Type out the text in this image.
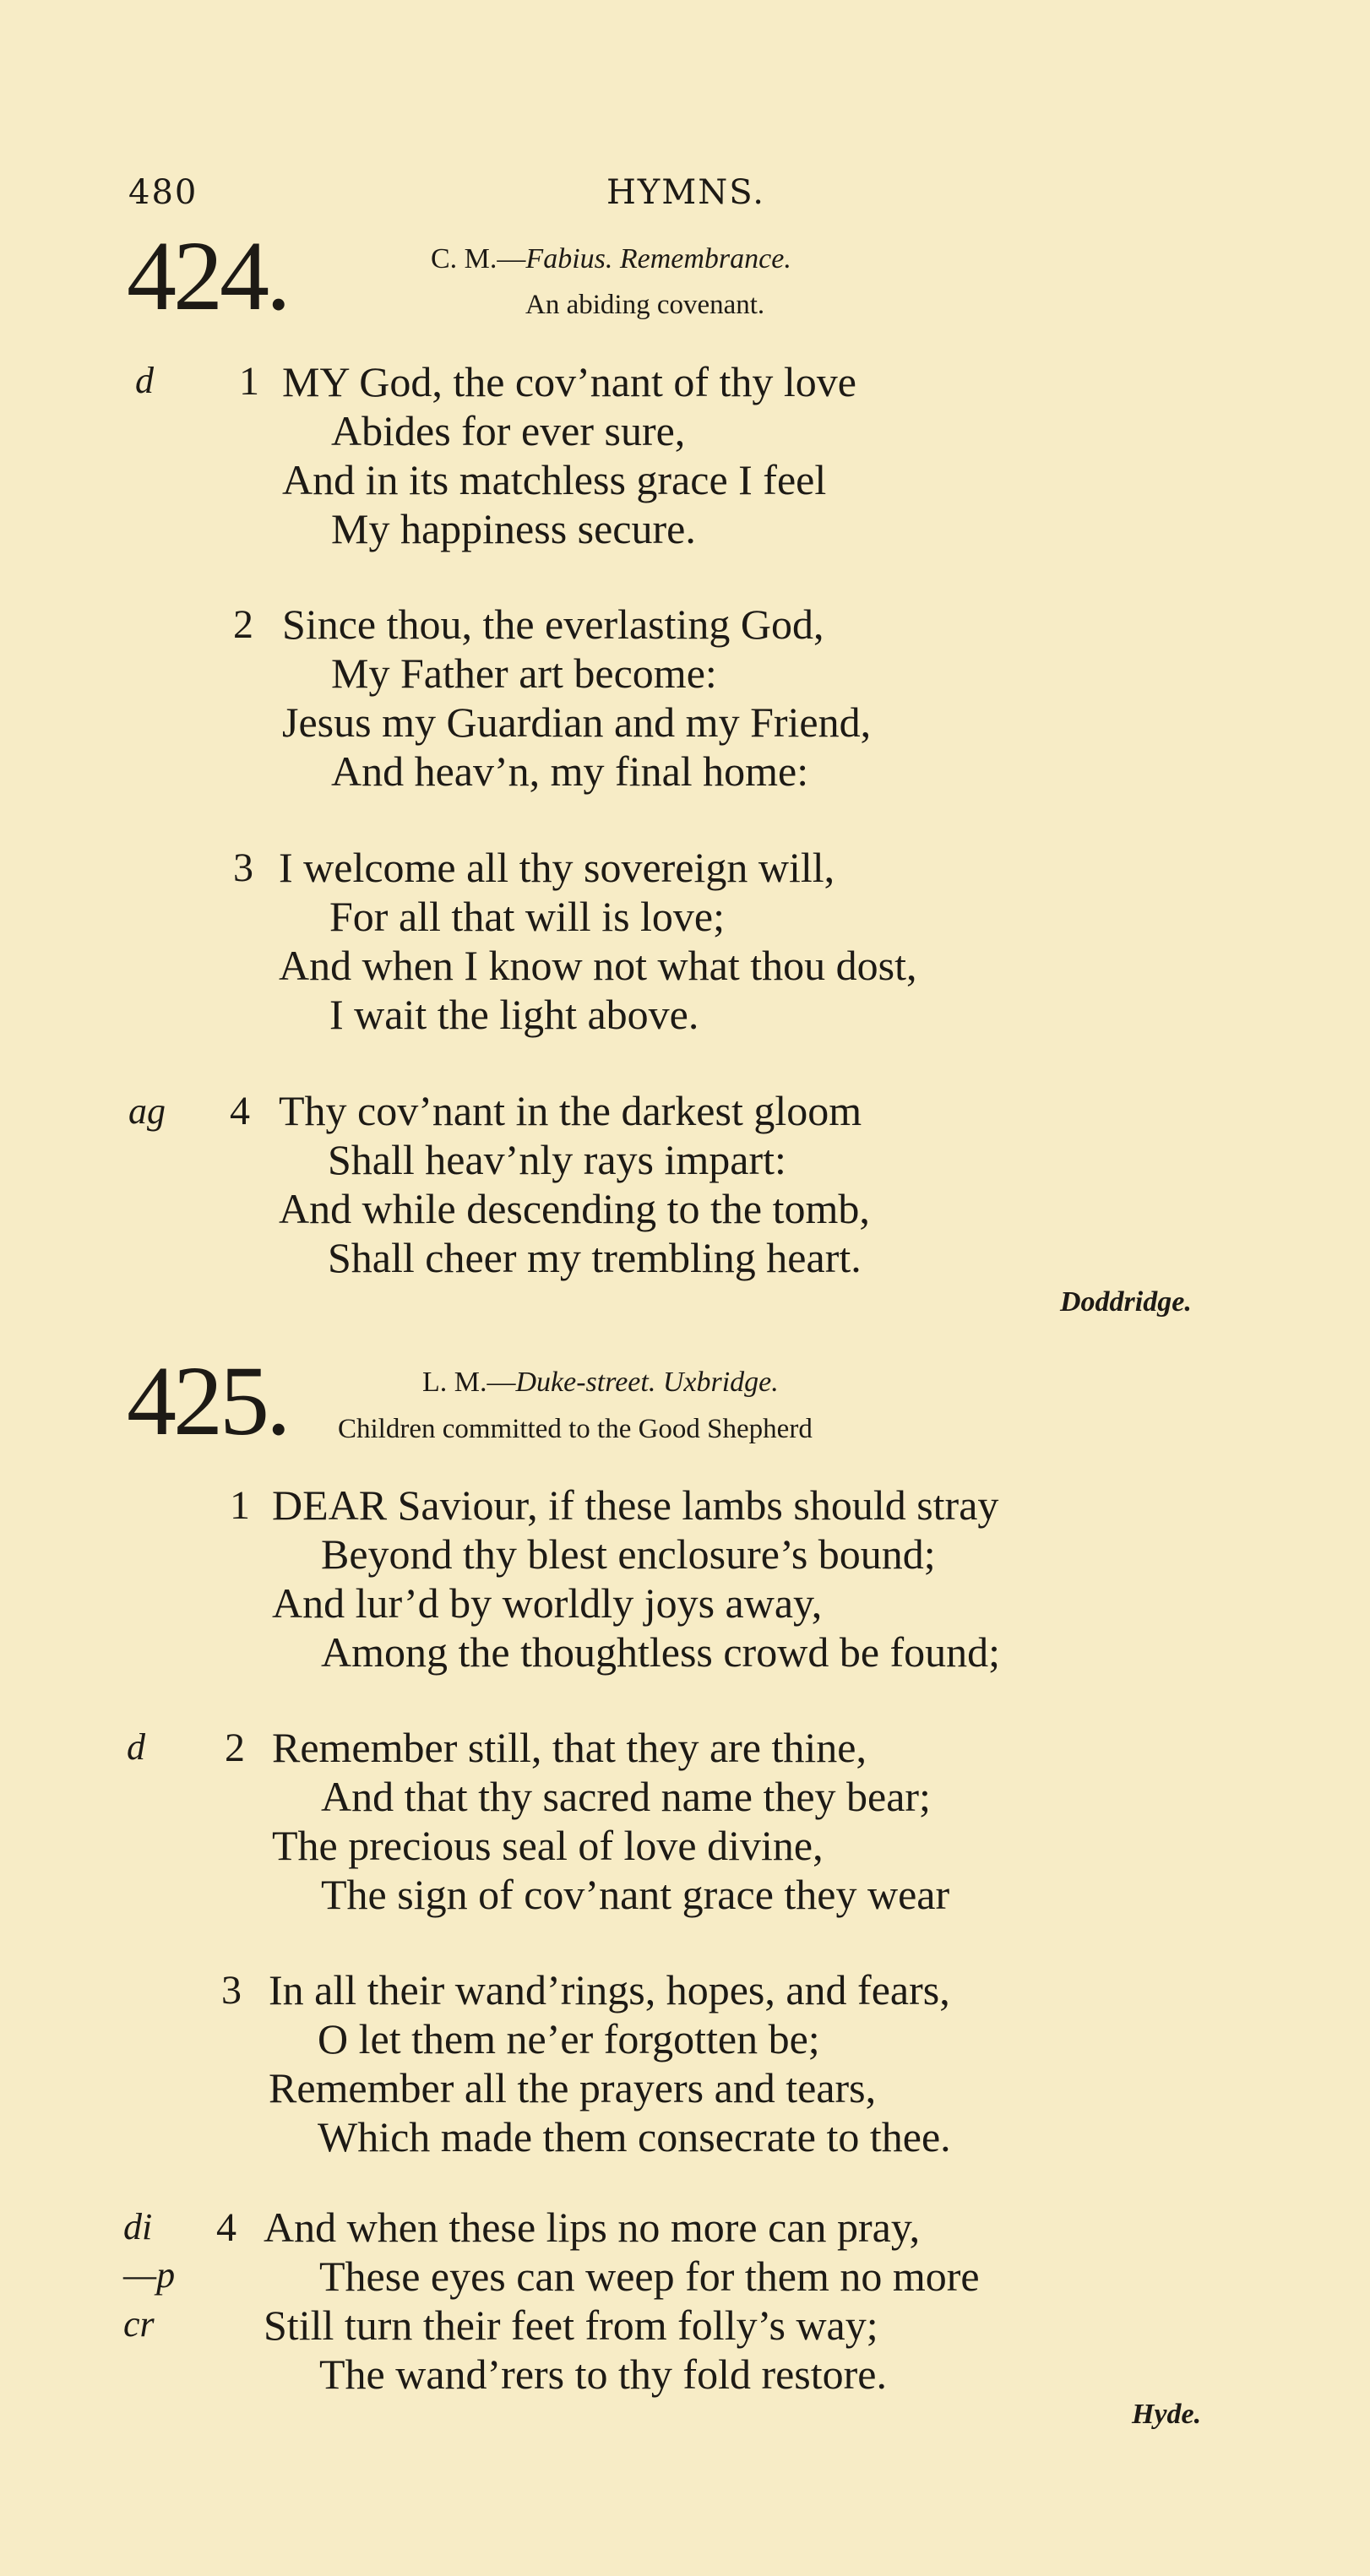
480	HYMNS.
424.	C. M.—Fabius. Remembrance.
An abiding covenant.
d 1 MY God, the cov’nant of thy love
Abides for ever sure,
And in its matchless grace I feel
My happiness secure.
2 Since thou, the everlasting God,
My Father art become:
Jesus my Guardian and my Friend,
And heav’n, my final home:
3 I welcome all thy sovereign will,
For all that will is love;
And when I know not what thou dost,
I wait the light above.
ag 4 Thy cov’nant in the darkest gloom
Shall heav’nly rays impart:
And while descending to the tomb,
Shall cheer my trembling heart.
Doddridge.
425.	L. M.—Duke-street. Uxbridge.
Children committed to the Good Shepherd
1 DEAR Saviour, if these lambs should stray
Beyond thy blest enclosure’s bound;
And lur’d by worldly joys away,
Among the thoughtless crowd be found;
d 2 Remember still, that they are thine,
And that thy sacred name they bear;
The precious seal of love divine,
The sign of cov’nant grace they wear
3 In all their wand’rings, hopes, and fears,
O let them ne’er forgotten be;
Remember all the prayers and tears,
Which made them consecrate to thee.
di 4 And when these lips no more can pray,
—p	These eyes can weep for them no more
cr	Still turn their feet from folly’s way;
The wand’rers to thy fold restore.
Hyde.
